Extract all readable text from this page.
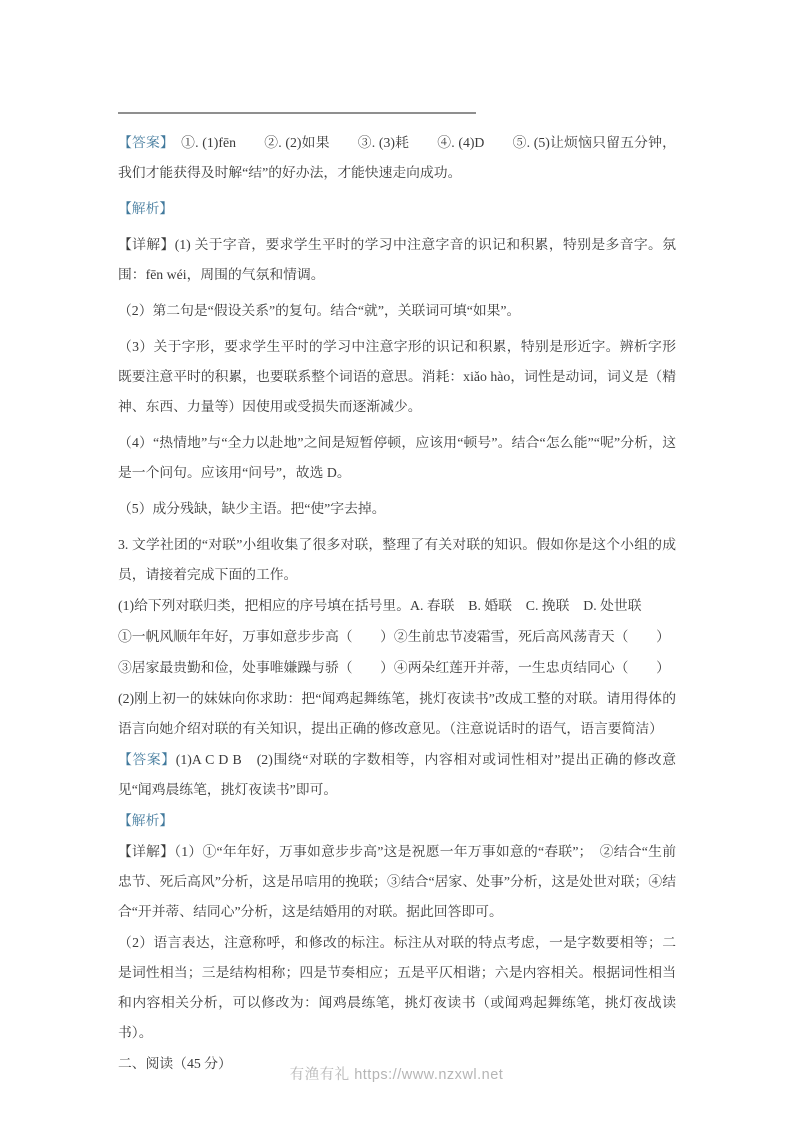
【答案】　①. (1)fēn　　②. (2)如果　　③. (3)耗　　④. (4)D　　⑤. (5)让烦恼只留五分钟，我们才能获得及时解“结”的好办法，才能快速走向成功。

【解析】

【详解】(1) 关于字音，要求学生平时的学习中注意字音的识记和积累，特别是多音字。氛围：fēn wéi，周围的气氛和情调。

（2）第二句是“假设关系”的复句。结合“就”，关联词可填“如果”。

（3）关于字形，要求学生平时的学习中注意字形的识记和积累，特别是形近字。辨析字形既要注意平时的积累，也要联系整个词语的意思。消耗：xiǎo hào，词性是动词，词义是（精神、东西、力量等）因使用或受损失而逐渐减少。

（4）“热情地”与“全力以赴地”之间是短暂停顿，应该用“顿号”。结合“怎么能”“呢”分析，这是一个问句。应该用“问号”，故选 D。

（5）成分残缺，缺少主语。把“使”字去掉。

3. 文学社团的“对联”小组收集了很多对联，整理了有关对联的知识。假如你是这个小组的成员，请接着完成下面的工作。

(1)给下列对联归类，把相应的序号填在括号里。A. 春联　B. 婚联　C. 挽联　D. 处世联

①一帆风顺年年好，万事如意步步高（　　）②生前忠节凌霜雪，死后高风荡青天（　　）

③居家最贵勤和俭，处事唯嫌躁与骄（　　）④两朵红莲开并蒂，一生忠贞结同心（　　）

(2)刚上初一的妹妹向你求助：把“闻鸡起舞练笔，挑灯夜读书”改成工整的对联。请用得体的语言向她介绍对联的有关知识，提出正确的修改意见。（注意说话时的语气，语言要简洁）

【答案】(1)A C D B　(2)围绕“对联的字数相等，内容相对或词性相对”提出正确的修改意见“闻鸡晨练笔，挑灯夜读书”即可。

【解析】

【详解】（1）①“年年好，万事如意步步高”这是祝愿一年万事如意的“春联”；　②结合“生前忠节、死后高风”分析，这是吊唁用的挽联；③结合“居家、处事”分析，这是处世对联；④结合“开并蒂、结同心”分析，这是结婚用的对联。据此回答即可。

（2）语言表达，注意称呼，和修改的标注。标注从对联的特点考虑，一是字数要相等；二是词性相当；三是结构相称；四是节奏相应；五是平仄相谐；六是内容相关。根据词性相当和内容相关分析，可以修改为：闻鸡晨练笔，挑灯夜读书（或闻鸡起舞练笔，挑灯夜战读书）。

二、阅读（45 分）

有渔有礼 https://www.nzxwl.net
